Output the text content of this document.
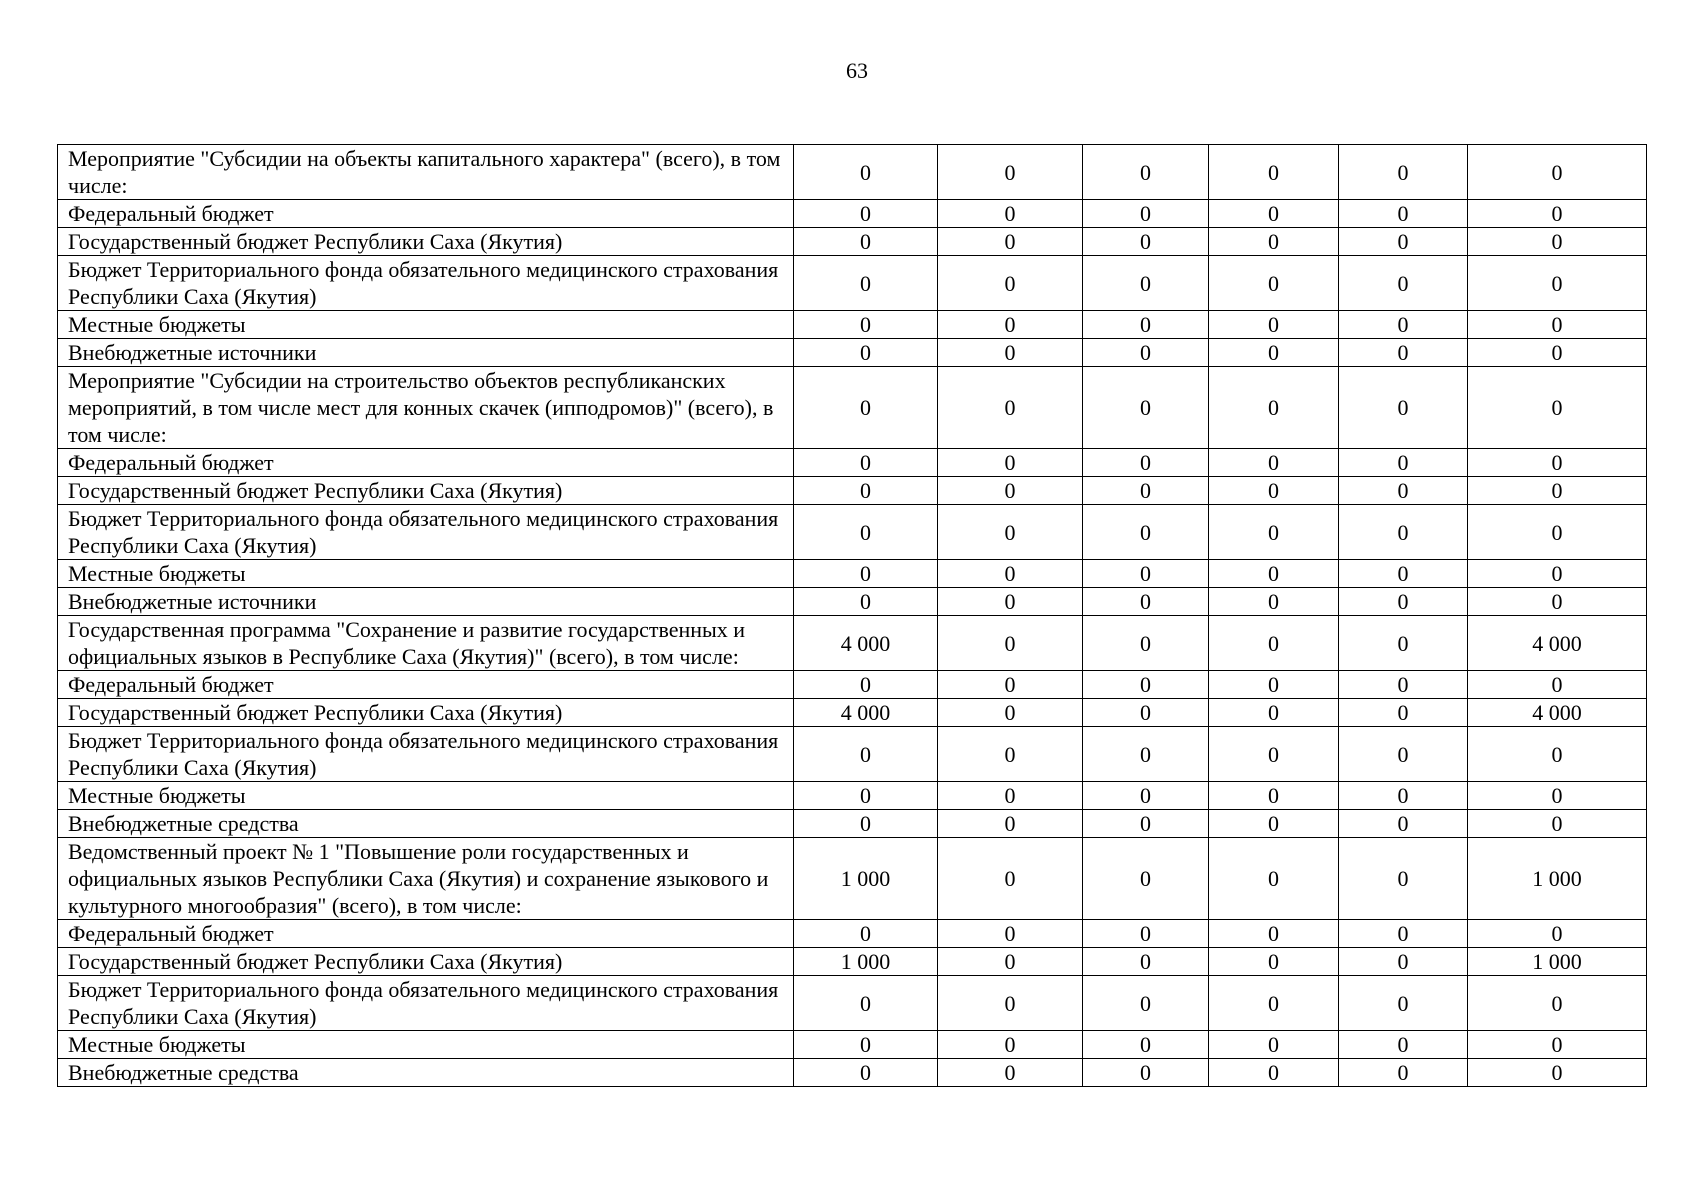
63
Мероприятие "Субсидии на объекты капитального характера" (всего), в том числе:	0	0	0	0	0	0
Федеральный бюджет	0	0	0	0	0	0
Государственный бюджет Республики Саха (Якутия)	0	0	0	0	0	0
Бюджет Территориального фонда обязательного медицинского страхования Республики Саха (Якутия)	0	0	0	0	0	0
Местные бюджеты	0	0	0	0	0	0
Внебюджетные источники	0	0	0	0	0	0
Мероприятие "Субсидии на строительство объектов республиканских мероприятий, в том числе мест для конных скачек (ипподромов)" (всего), в том числе:	0	0	0	0	0	0
Федеральный бюджет	0	0	0	0	0	0
Государственный бюджет Республики Саха (Якутия)	0	0	0	0	0	0
Бюджет Территориального фонда обязательного медицинского страхования Республики Саха (Якутия)	0	0	0	0	0	0
Местные бюджеты	0	0	0	0	0	0
Внебюджетные источники	0	0	0	0	0	0
Государственная программа "Сохранение и развитие государственных и официальных языков в Республике Саха (Якутия)" (всего), в том числе:	4 000	0	0	0	0	4 000
Федеральный бюджет	0	0	0	0	0	0
Государственный бюджет Республики Саха (Якутия)	4 000	0	0	0	0	4 000
Бюджет Территориального фонда обязательного медицинского страхования Республики Саха (Якутия)	0	0	0	0	0	0
Местные бюджеты	0	0	0	0	0	0
Внебюджетные средства	0	0	0	0	0	0
Ведомственный проект № 1 "Повышение роли государственных и официальных языков Республики Саха (Якутия) и сохранение языкового и культурного многообразия" (всего), в том числе:	1 000	0	0	0	0	1 000
Федеральный бюджет	0	0	0	0	0	0
Государственный бюджет Республики Саха (Якутия)	1 000	0	0	0	0	1 000
Бюджет Территориального фонда обязательного медицинского страхования Республики Саха (Якутия)	0	0	0	0	0	0
Местные бюджеты	0	0	0	0	0	0
Внебюджетные средства	0	0	0	0	0	0
